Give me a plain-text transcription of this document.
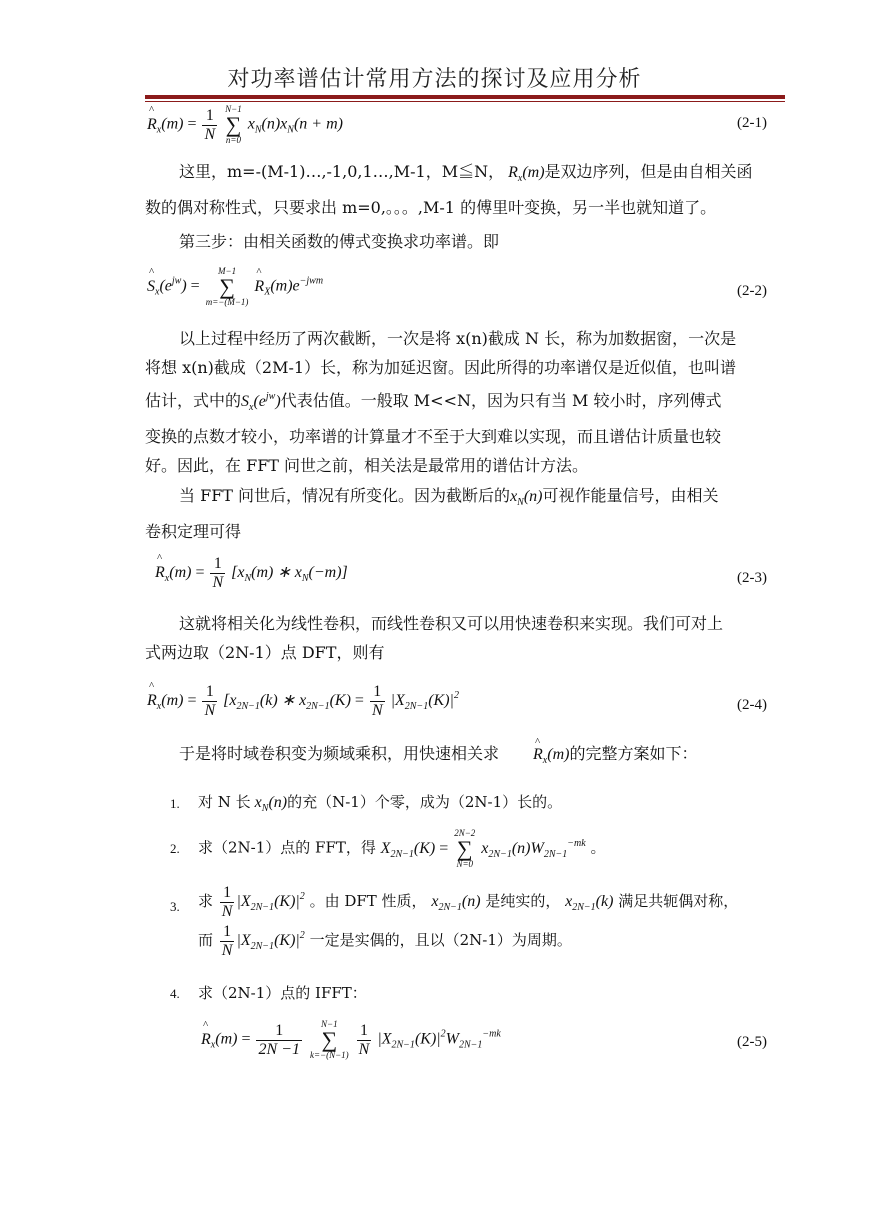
对功率谱估计常用方法的探讨及应用分析
^ $R_x(m) = \frac{1}{N}$
N−1
∑
n=0
$x_N(n)x_N(n + m)$	(2-1)
这里，m=-(M-1)…,-1,0,1…,M-1，M≦N， $R_x(m)$是双边序列，但是由自相关函
数的偶对称性式，只要求出 m=0,。。。,M-1 的傅里叶变换，另一半也就知道了。
第三步：由相关函数的傅式变换求功率谱。即
^ $S_x(e^{jw})$ =
M−1
∑
m=−(M−1)
^ $R_X(m)e^{-jwm}$
(2-2)
以上过程中经历了两次截断，一次是将 x(n)截成 N 长，称为加数据窗，一次是
将想 x(n)截成（2M-1）长，称为加延迟窗。因此所得的功率谱仅是近似值，也叫谱
估计，式中的$S_x(e^{jw})$代表估值。一般取 M<<N，因为只有当 M 较小时，序列傅式
变换的点数才较小，功率谱的计算量才不至于大到难以实现，而且谱估计质量也较
好。因此，在 FFT 问世之前，相关法是最常用的谱估计方法。
当 FFT 问世后，情况有所变化。因为截断后的$x_N(n)$可视作能量信号，由相关
卷积定理可得
^ $R_x(m) = \frac{1}{N} [x_N(m)$ ∗ $x_N(-m)$]	(2-3)
这就将相关化为线性卷积，而线性卷积又可以用快速卷积来实现。我们可对上
式两边取（2N-1）点 DFT，则有
^ $R_x(m) = \frac{1}{N} [x_{2N-1}(k)$ ∗ $x_{2N-1}(K) = \frac{1}{N} |X_{2N-1}(K)|^2$
(2-4)
于是将时域卷积变为频域乘积，用快速相关求^ $R_x(m)$的完整方案如下：
1. 对 N 长 $x_N(n)$的充（N-1）个零，成为（2N-1）长的。
2. 求（2N-1）点的 FFT，得 $X_{2N-1}(K)$ =
2N−2
∑
N=0
$x_{2N-1}(n)W_{2N-1}^{-mk}$ 。
3. 求 $\frac{1}{N} |X_{2N-1}(K)|^2$ 。由 DFT 性质， $x_{2N-1}(n)$ 是纯实的， $x_{2N-1}(k)$ 满足共轭偶对称，
而 $\frac{1}{N} |X_{2N-1}(K)|^2$ 一定是实偶的，且以（2N-1）为周期。
4. 求（2N-1）点的 IFFT：
^ $R_x(m) = \frac{1}{2N -1}$
	N−1
∑
k=−(N−1)
$\frac{1}{N} |X_{2N-1}(K)|^2W_{2N-1}^{-mk}$	(2-5)
